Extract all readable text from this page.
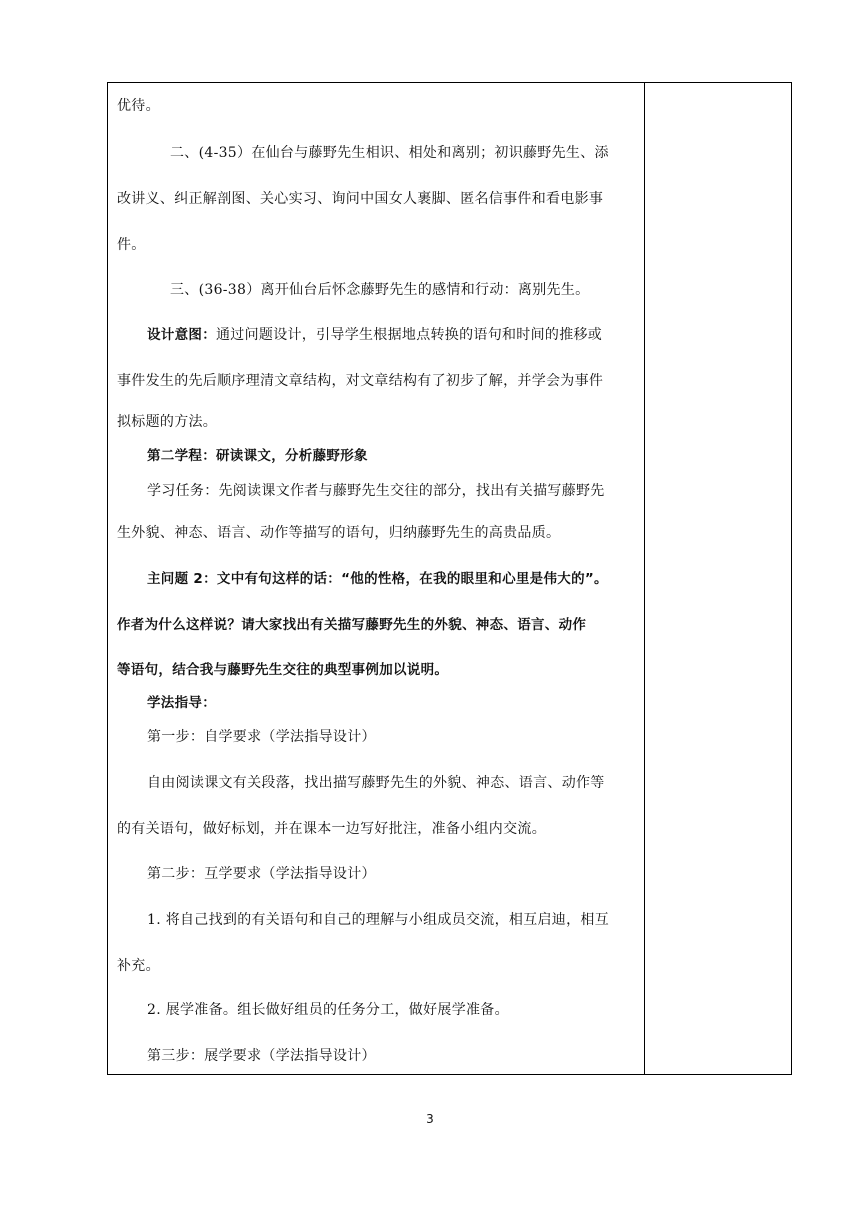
优待。
二、(4-35）在仙台与藤野先生相识、相处和离别；初识藤野先生、添
改讲义、纠正解剖图、关心实习、询问中国女人裹脚、匿名信事件和看电影事
件。
三、(36-38）离开仙台后怀念藤野先生的感情和行动：离别先生。
设计意图：通过问题设计，引导学生根据地点转换的语句和时间的推移或
事件发生的先后顺序理清文章结构，对文章结构有了初步了解，并学会为事件
拟标题的方法。
第二学程：研读课文，分析藤野形象
学习任务：先阅读课文作者与藤野先生交往的部分，找出有关描写藤野先
生外貌、神态、语言、动作等描写的语句，归纳藤野先生的高贵品质。
主问题 2：文中有句这样的话：“他的性格，在我的眼里和心里是伟大的”。
作者为什么这样说？请大家找出有关描写藤野先生的外貌、神态、语言、动作
等语句，结合我与藤野先生交往的典型事例加以说明。
学法指导：
第一步：自学要求（学法指导设计）
自由阅读课文有关段落，找出描写藤野先生的外貌、神态、语言、动作等
的有关语句，做好标划，并在课本一边写好批注，准备小组内交流。
第二步：互学要求（学法指导设计）
1. 将自己找到的有关语句和自己的理解与小组成员交流，相互启迪，相互
补充。
2. 展学准备。组长做好组员的任务分工，做好展学准备。
第三步：展学要求（学法指导设计）
3
